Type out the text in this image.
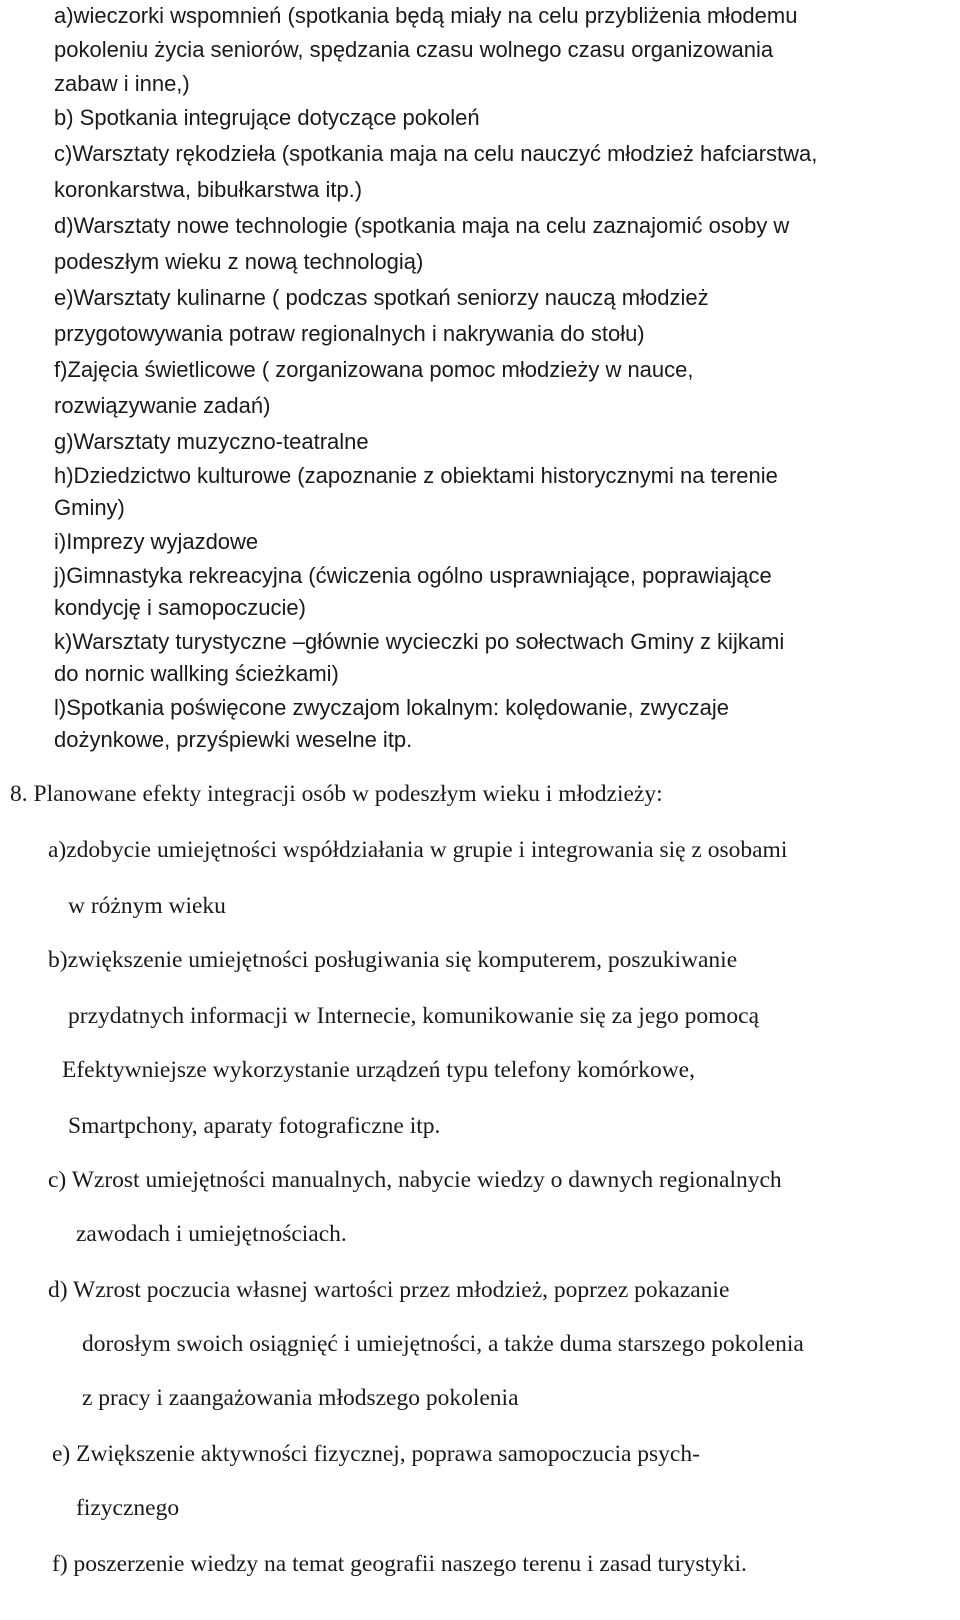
a)wieczorki wspomnień (spotkania będą miały na celu przybliżenia młodemu
pokoleniu życia seniorów, spędzania czasu wolnego czasu organizowania
zabaw i inne,)
b) Spotkania integrujące dotyczące pokoleń
c)Warsztaty rękodzieła (spotkania maja na celu nauczyć młodzież hafciarstwa,
koronkarstwa, bibułkarstwa itp.)
d)Warsztaty nowe technologie (spotkania maja na celu zaznajomić osoby w
podeszłym wieku z nową technologią)
e)Warsztaty kulinarne ( podczas spotkań seniorzy nauczą młodzież
przygotowywania potraw regionalnych i nakrywania do stołu)
f)Zajęcia świetlicowe ( zorganizowana pomoc młodzieży w nauce,
rozwiązywanie zadań)
g)Warsztaty muzyczno-teatralne
h)Dziedzictwo kulturowe (zapoznanie z obiektami historycznymi na terenie
Gminy)
i)Imprezy wyjazdowe
j)Gimnastyka rekreacyjna (ćwiczenia ogólno usprawniające, poprawiające
kondycję i samopoczucie)
k)Warsztaty turystyczne –głównie wycieczki po sołectwach Gminy z kijkami
do nornic wallking ścieżkami)
l)Spotkania poświęcone zwyczajom lokalnym: kolędowanie, zwyczaje
dożynkowe, przyśpiewki weselne itp.
8. Planowane efekty integracji osób w podeszłym wieku i młodzieży:
a)zdobycie umiejętności współdziałania w grupie i integrowania się z osobami
w różnym wieku
b)zwiększenie umiejętności posługiwania się komputerem, poszukiwanie
przydatnych informacji w Internecie, komunikowanie się za jego pomocą
Efektywniejsze wykorzystanie urządzeń typu telefony komórkowe,
Smartpchony, aparaty fotograficzne itp.
c) Wzrost umiejętności manualnych, nabycie wiedzy o dawnych regionalnych
zawodach i umiejętnościach.
d) Wzrost poczucia własnej wartości przez młodzież, poprzez pokazanie
dorosłym swoich osiągnięć i umiejętności, a także duma starszego pokolenia
z pracy i zaangażowania młodszego pokolenia
e) Zwiększenie aktywności fizycznej, poprawa samopoczucia psych-
fizycznego
f) poszerzenie wiedzy na temat geografii naszego terenu i zasad turystyki.
